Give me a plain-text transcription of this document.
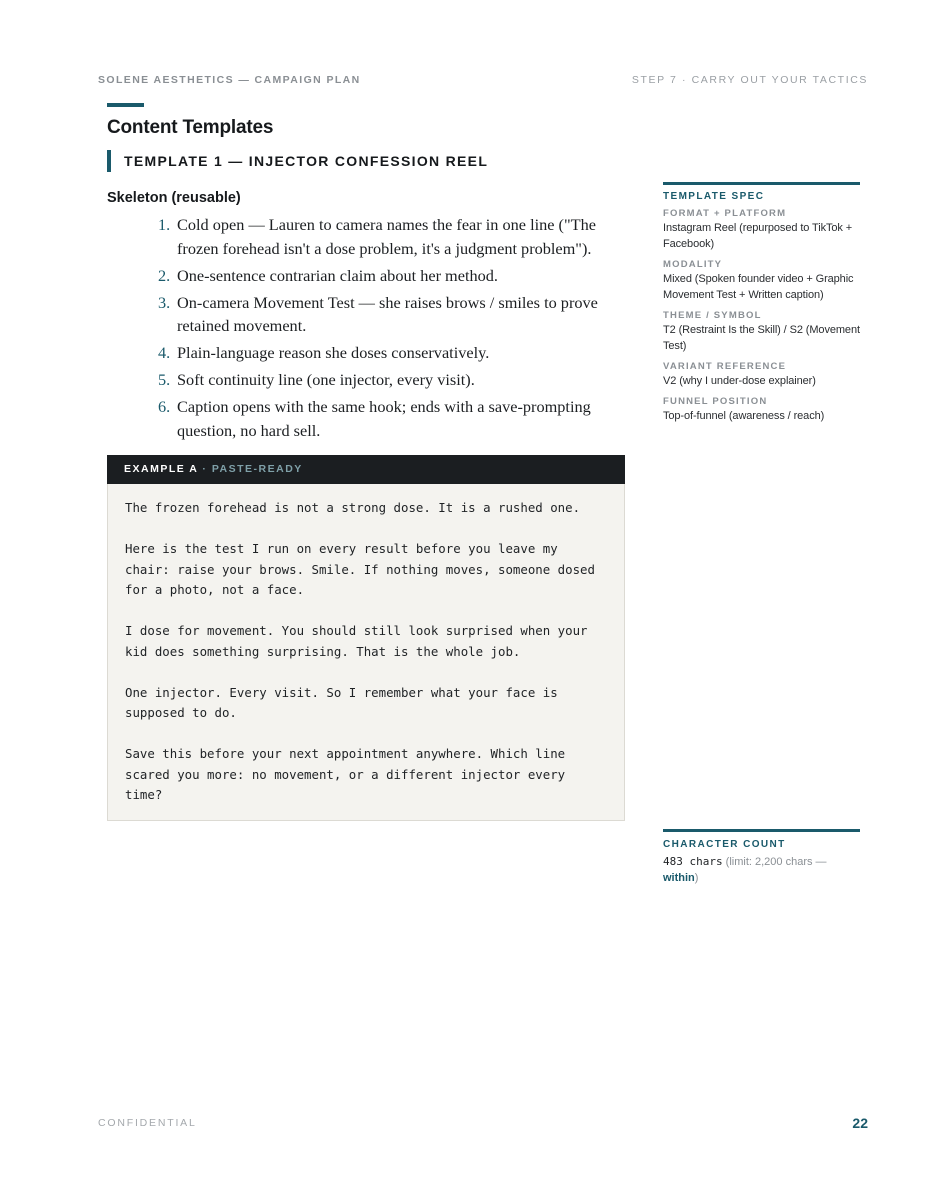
SOLENE AESTHETICS — CAMPAIGN PLAN	STEP 7 · CARRY OUT YOUR TACTICS
Content Templates
TEMPLATE 1 — INJECTOR CONFESSION REEL
Skeleton (reusable)
1. Cold open — Lauren to camera names the fear in one line ("The frozen forehead isn't a dose problem, it's a judgment problem").
2. One-sentence contrarian claim about her method.
3. On-camera Movement Test — she raises brows / smiles to prove retained movement.
4. Plain-language reason she doses conservatively.
5. Soft continuity line (one injector, every visit).
6. Caption opens with the same hook; ends with a save-prompting question, no hard sell.
EXAMPLE A · PASTE-READY

The frozen forehead is not a strong dose. It is a rushed one.

Here is the test I run on every result before you leave my chair: raise your brows. Smile. If nothing moves, someone dosed for a photo, not a face.

I dose for movement. You should still look surprised when your kid does something surprising. That is the whole job.

One injector. Every visit. So I remember what your face is supposed to do.

Save this before your next appointment anywhere. Which line scared you more: no movement, or a different injector every time?

TEMPLATE SPEC
FORMAT + PLATFORM
Instagram Reel (repurposed to TikTok + Facebook)
MODALITY
Mixed (Spoken founder video + Graphic Movement Test + Written caption)
THEME / SYMBOL
T2 (Restraint Is the Skill) / S2 (Movement Test)
VARIANT REFERENCE
V2 (why I under-dose explainer)
FUNNEL POSITION
Top-of-funnel (awareness / reach)
CHARACTER COUNT
483 chars (limit: 2,200 chars — within)
CONFIDENTIAL	22
